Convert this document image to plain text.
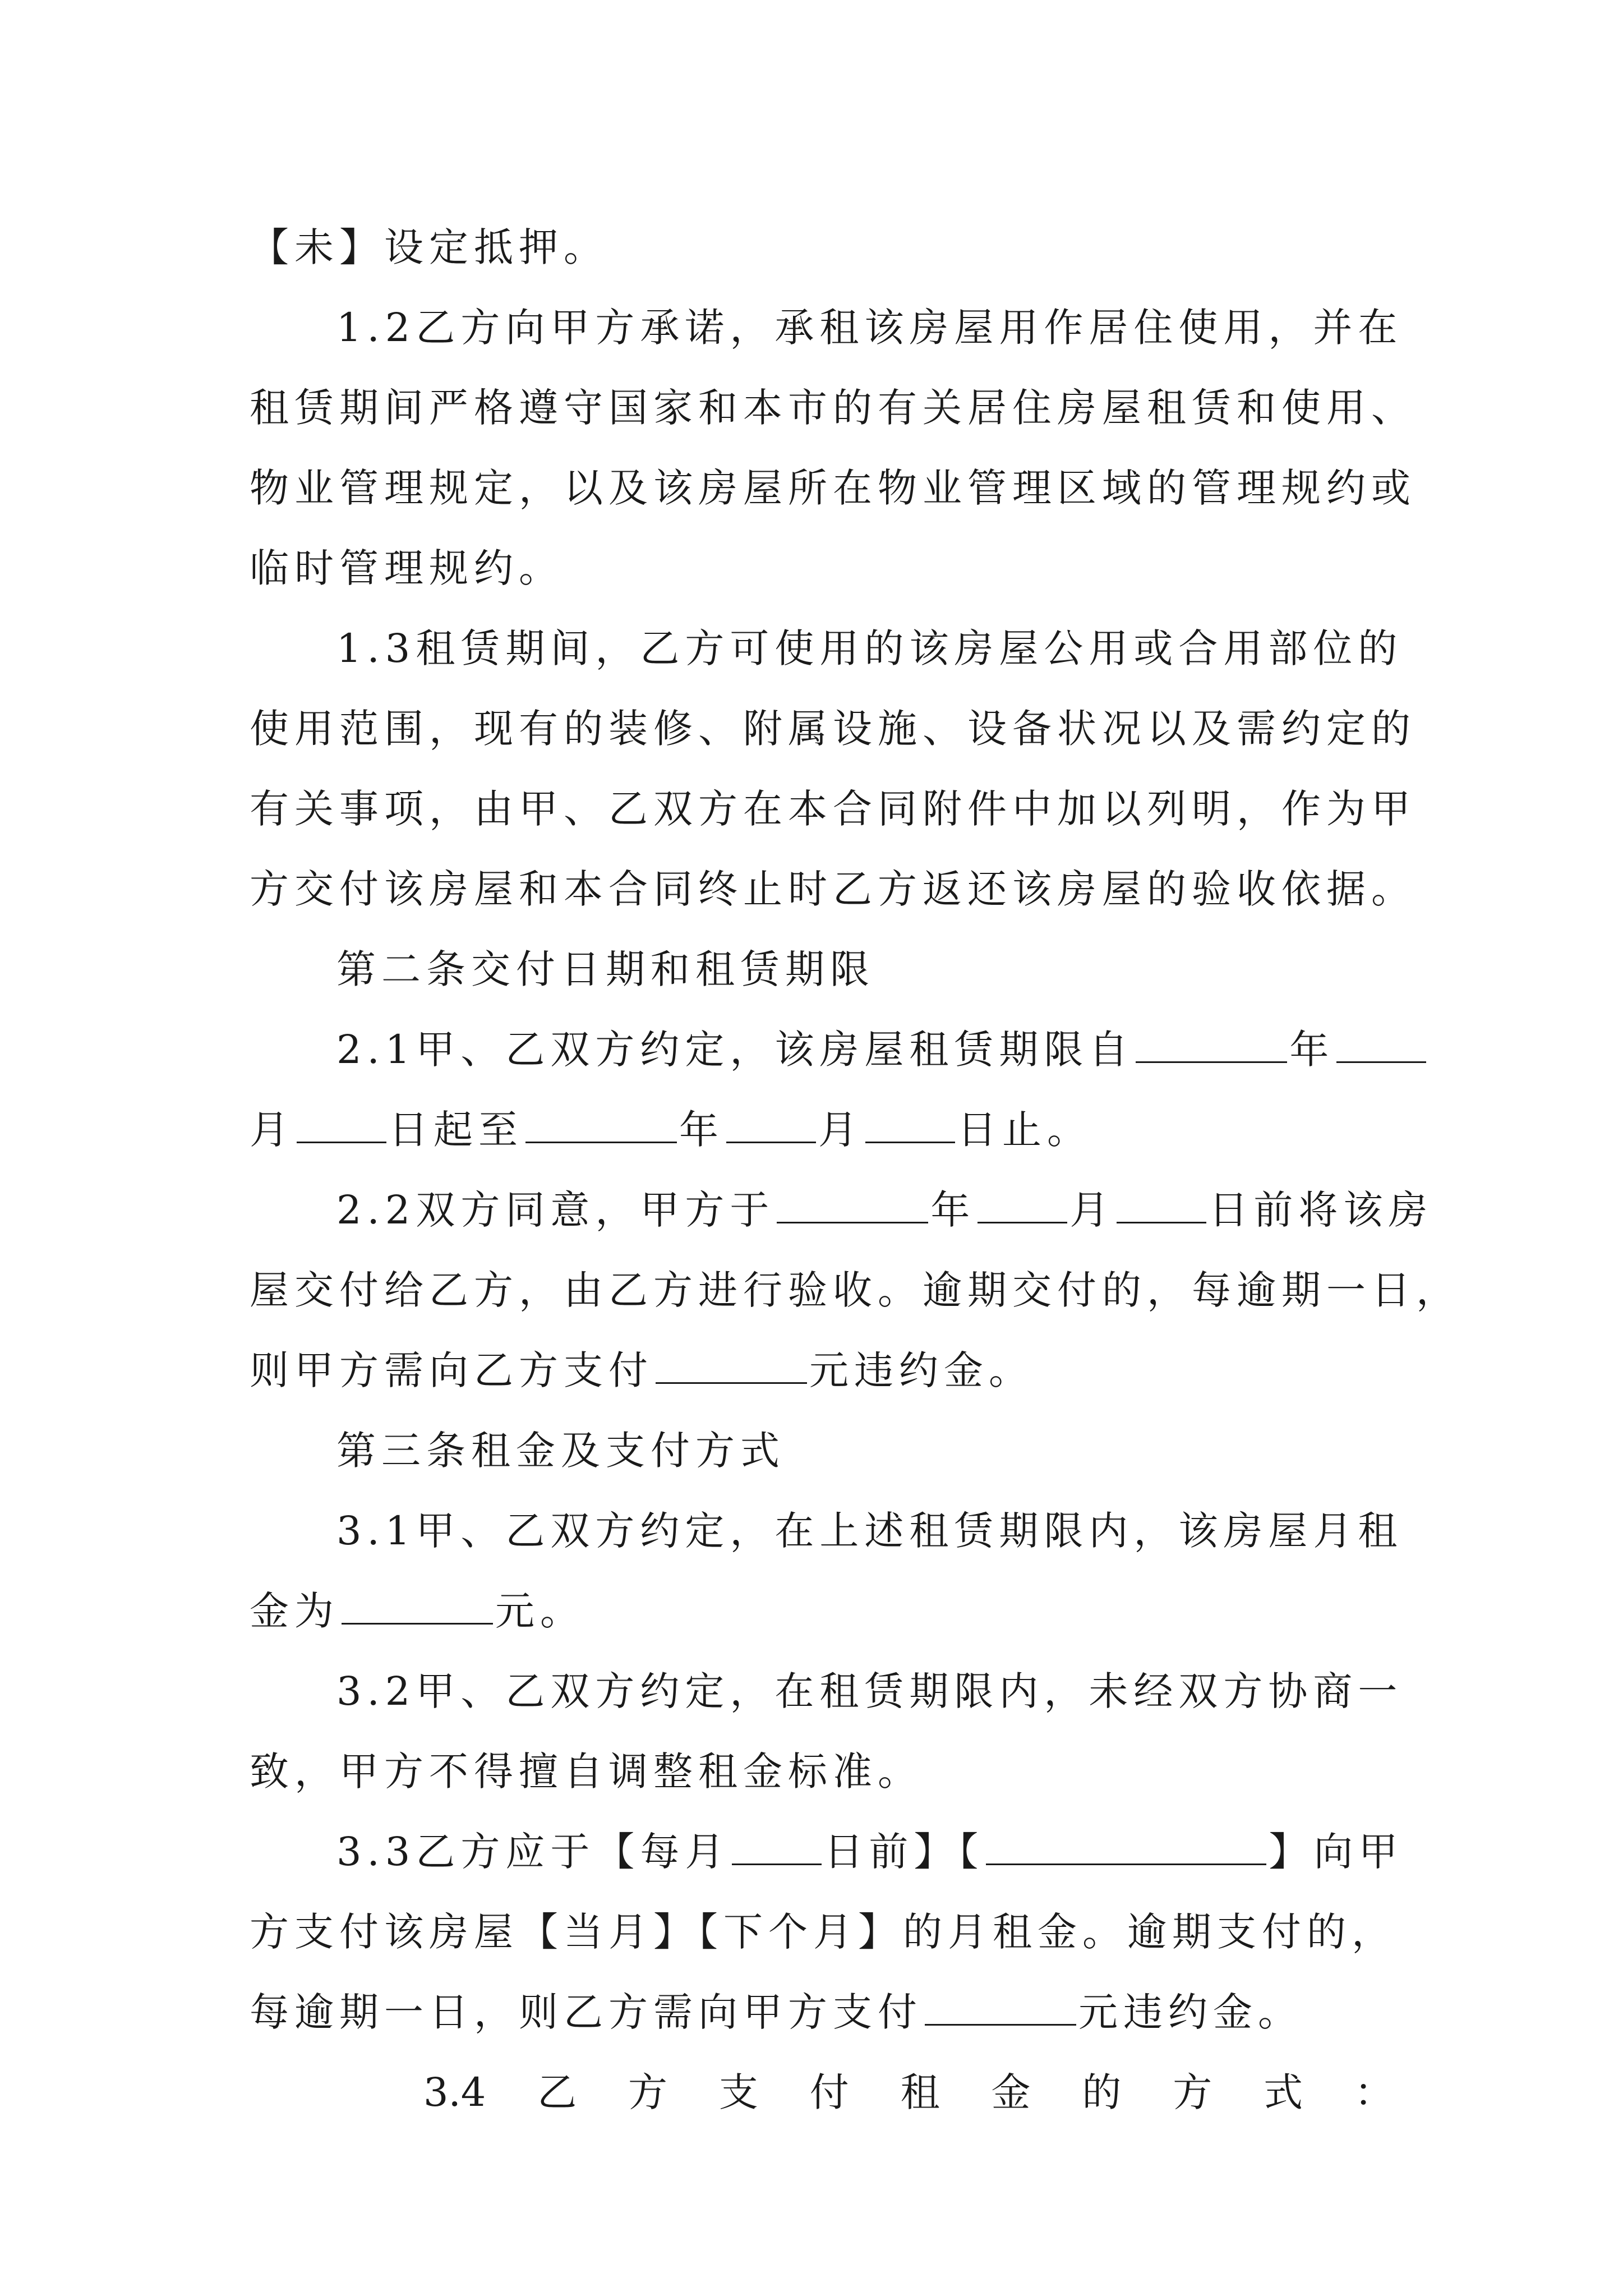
【未】设定抵押。
1.2乙方向甲方承诺，承租该房屋用作居住使用，并在
租赁期间严格遵守国家和本市的有关居住房屋租赁和使用、
物业管理规定，以及该房屋所在物业管理区域的管理规约或
临时管理规约。
1.3租赁期间，乙方可使用的该房屋公用或合用部位的
使用范围，现有的装修、附属设施、设备状况以及需约定的
有关事项，由甲、乙双方在本合同附件中加以列明，作为甲
方交付该房屋和本合同终止时乙方返还该房屋的验收依据。
第二条交付日期和租赁期限
2.1甲、乙双方约定，该房屋租赁期限自	年
月 日起至	年 月 日止。
2.2双方同意，甲方于	年 月 日前将该房
屋交付给乙方，由乙方进行验收。逾期交付的，每逾期一日，
则甲方需向乙方支付	元违约金。
第三条租金及支付方式
3.1甲、乙双方约定，在上述租赁期限内，该房屋月租
金为	元。
3.2甲、乙双方约定，在租赁期限内，未经双方协商一
致，甲方不得擅自调整租金标准。
3.3乙方应于【每月 日前】【	】向甲
方支付该房屋【当月】【下个月】的月租金。逾期支付的，
每逾期一日，则乙方需向甲方支付	元违约金。
3.4 乙 方 支 付 租 金 的 方 式 ：
